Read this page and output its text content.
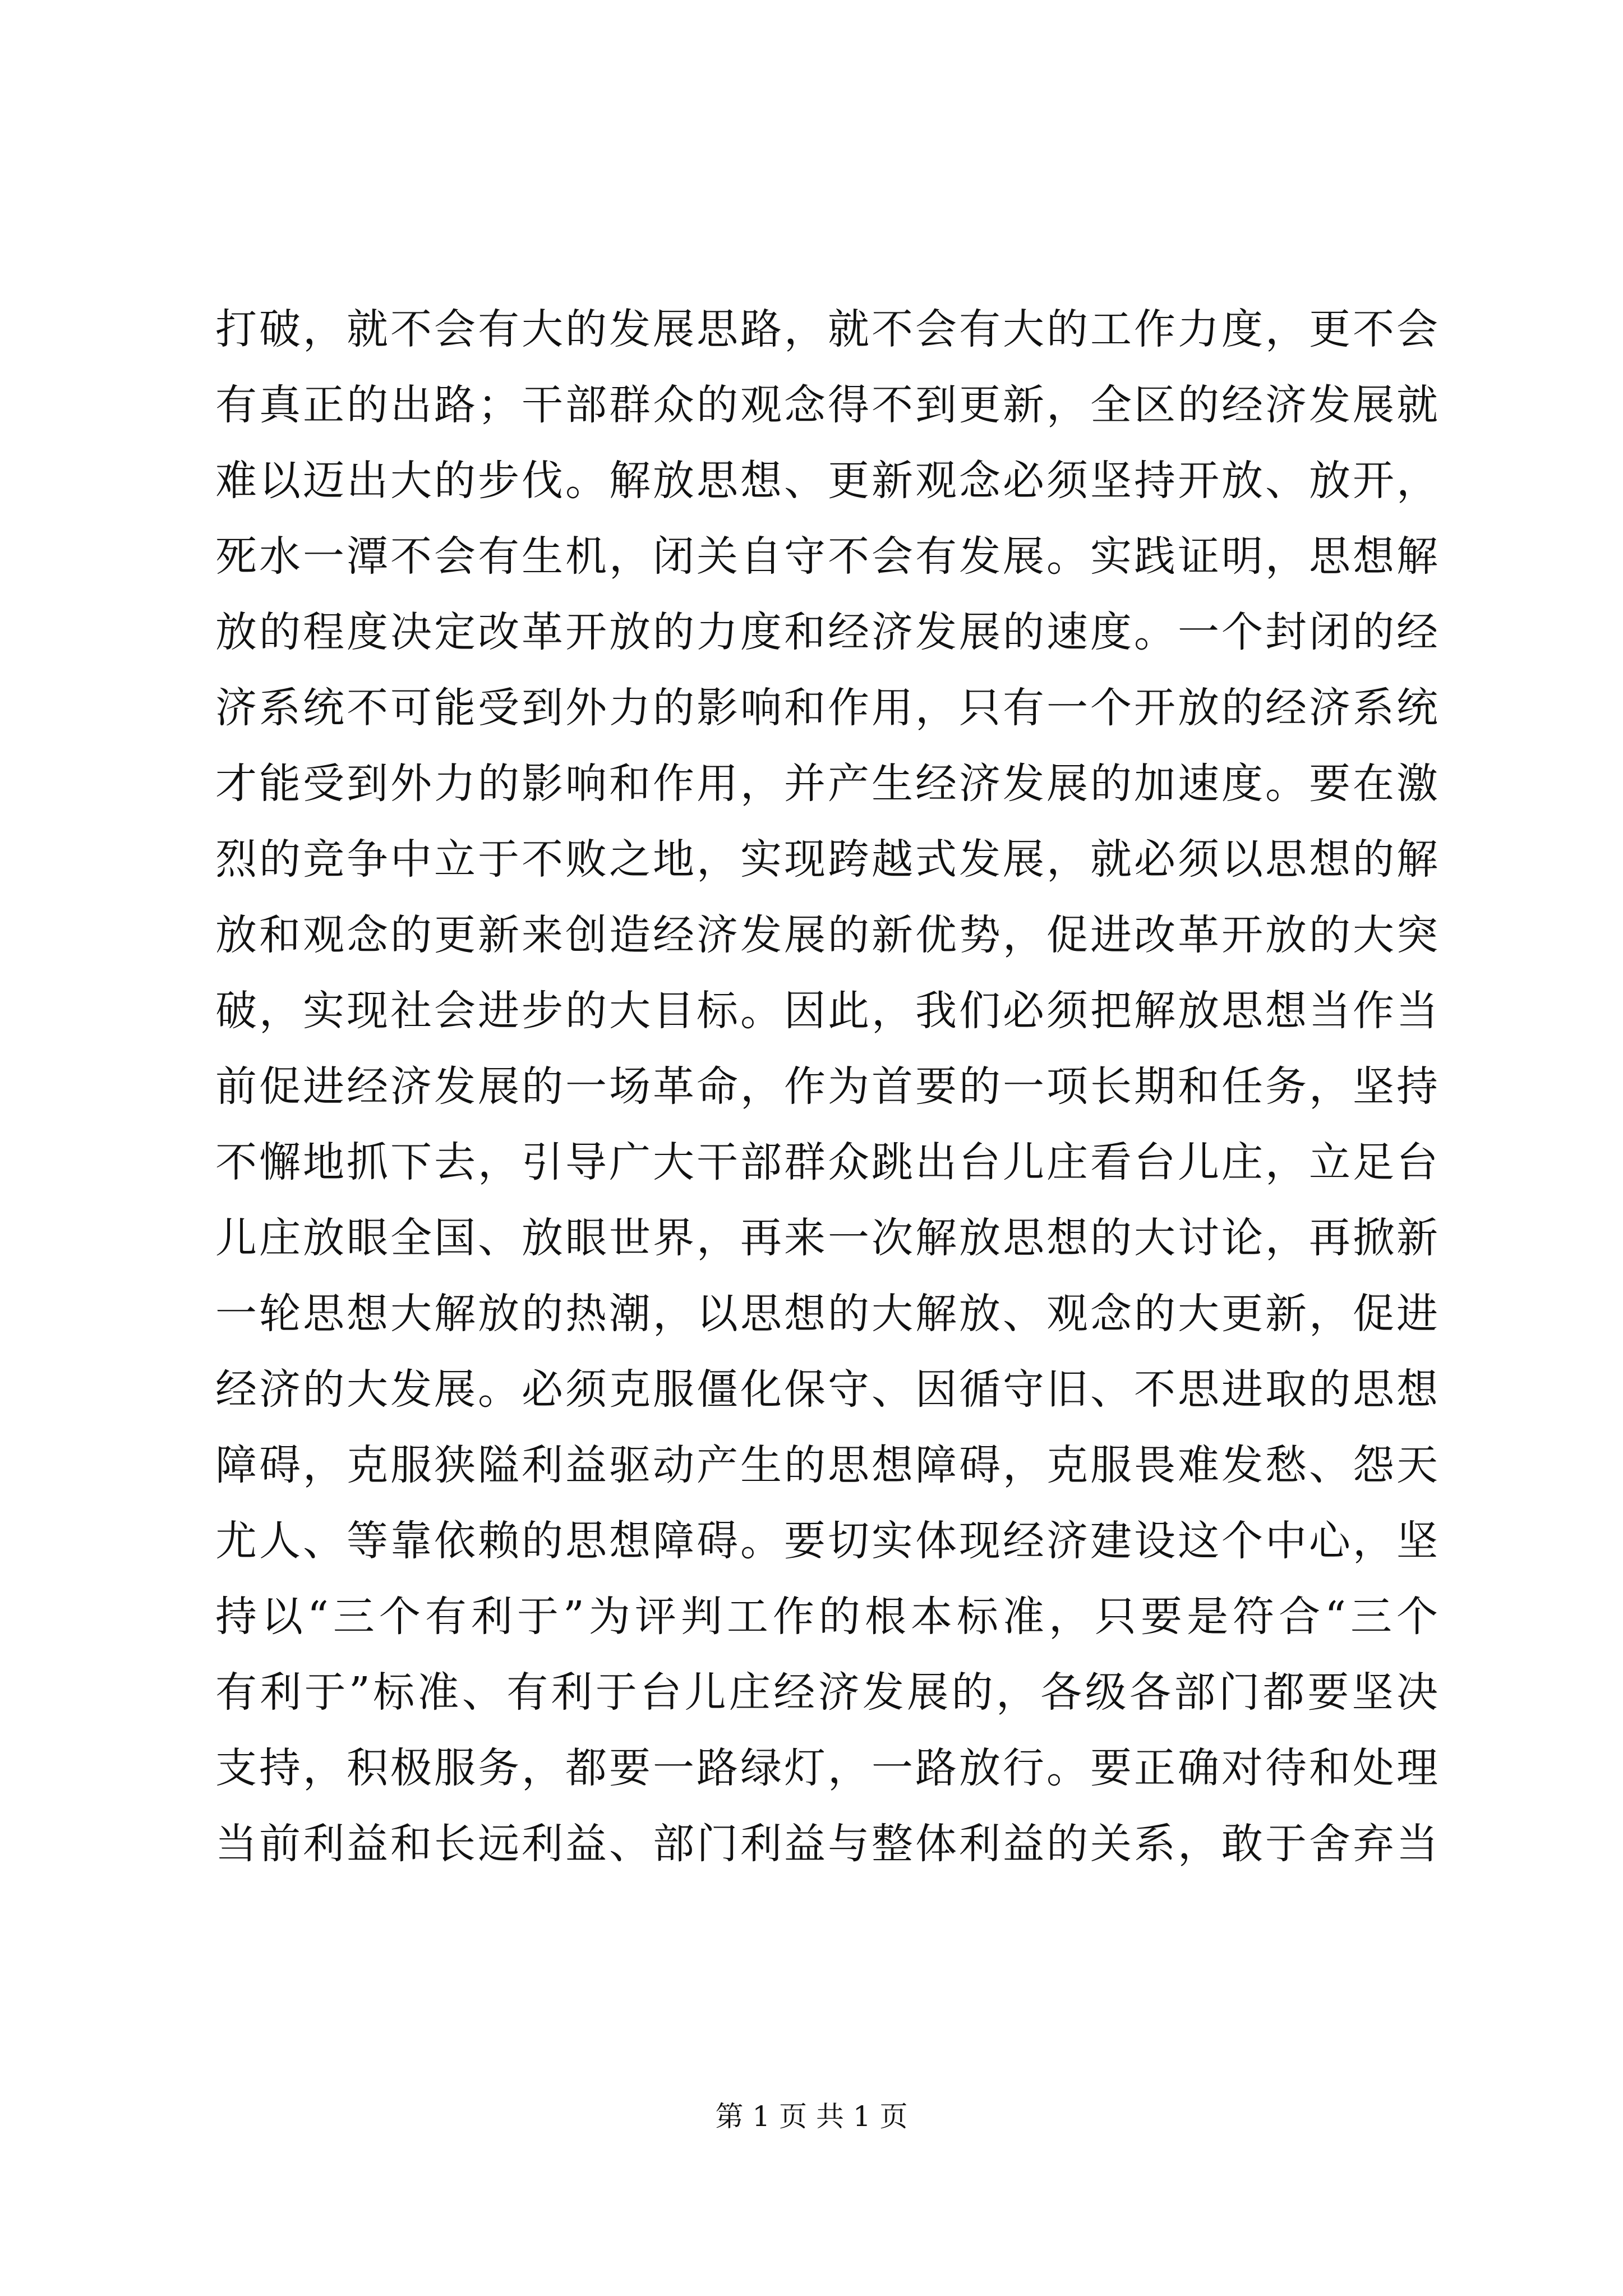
打破，就不会有大的发展思路，就不会有大的工作力度，更不会
有真正的出路；干部群众的观念得不到更新，全区的经济发展就
难以迈出大的步伐。解放思想、更新观念必须坚持开放、放开，
死水一潭不会有生机，闭关自守不会有发展。实践证明，思想解
放的程度决定改革开放的力度和经济发展的速度。一个封闭的经
济系统不可能受到外力的影响和作用，只有一个开放的经济系统
才能受到外力的影响和作用，并产生经济发展的加速度。要在激
烈的竞争中立于不败之地，实现跨越式发展，就必须以思想的解
放和观念的更新来创造经济发展的新优势，促进改革开放的大突
破，实现社会进步的大目标。因此，我们必须把解放思想当作当
前促进经济发展的一场革命，作为首要的一项长期和任务，坚持
不懈地抓下去，引导广大干部群众跳出台儿庄看台儿庄，立足台
儿庄放眼全国、放眼世界，再来一次解放思想的大讨论，再掀新
一轮思想大解放的热潮，以思想的大解放、观念的大更新，促进
经济的大发展。必须克服僵化保守、因循守旧、不思进取的思想
障碍，克服狭隘利益驱动产生的思想障碍，克服畏难发愁、怨天
尤人、等靠依赖的思想障碍。要切实体现经济建设这个中心，坚
持以“三个有利于”为评判工作的根本标准，只要是符合“三个
有利于”标准、有利于台儿庄经济发展的，各级各部门都要坚决
支持，积极服务，都要一路绿灯，一路放行。要正确对待和处理
当前利益和长远利益、部门利益与整体利益的关系，敢于舍弃当
第 1 页 共 1 页
